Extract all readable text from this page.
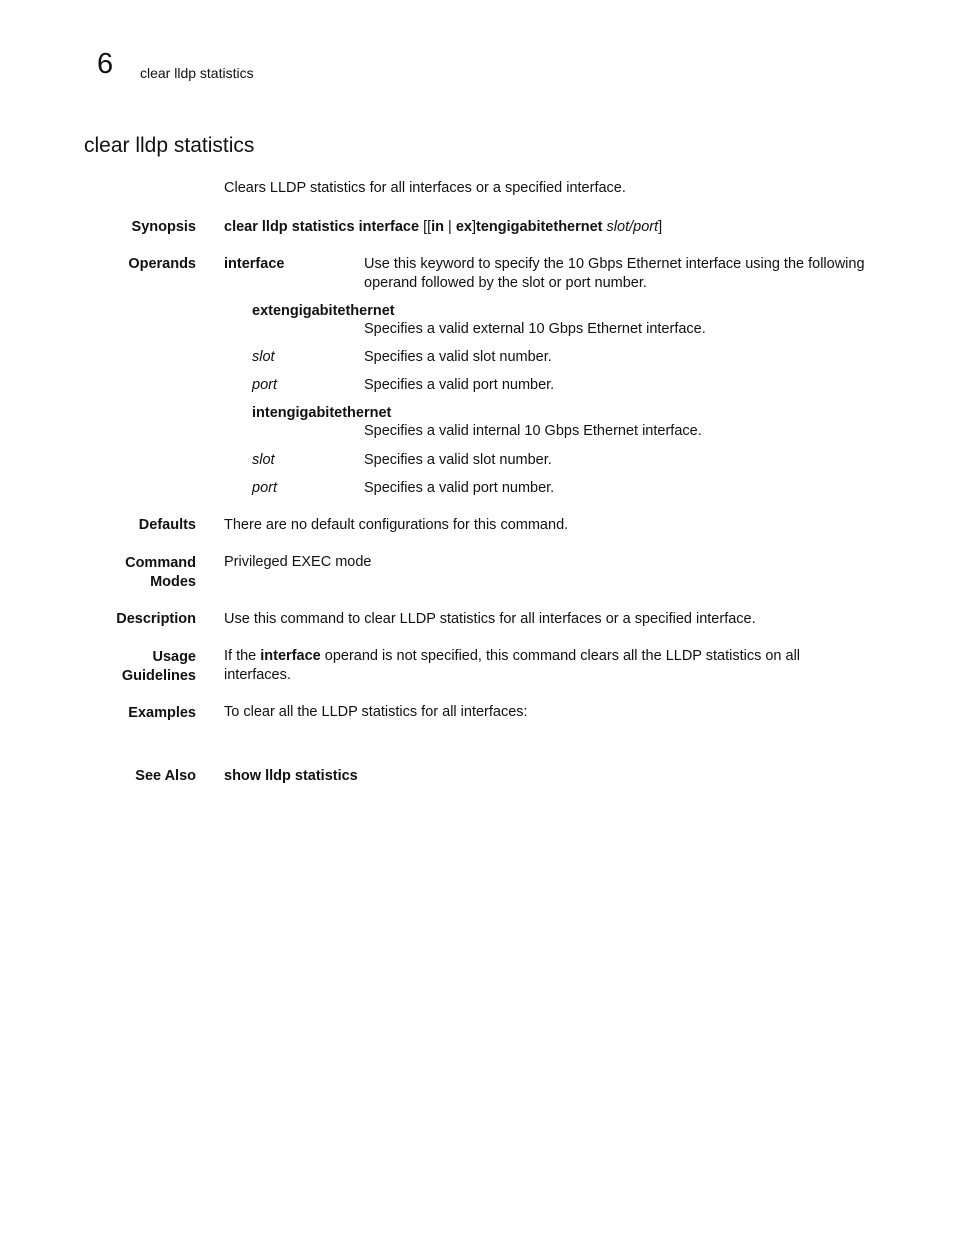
6 clear lldp statistics
clear lldp statistics
Clears LLDP statistics for all interfaces or a specified interface.
Synopsis clear lldp statistics interface [[in | ex]tengigabitethernet slot/port]
Operands interface	Use this keyword to specify the 10 Gbps Ethernet interface using the following operand followed by the slot or port number.
extengigabitethernet
Specifies a valid external 10 Gbps Ethernet interface.
slot	Specifies a valid slot number.
port	Specifies a valid port number.
intengigabitethernet
Specifies a valid internal 10 Gbps Ethernet interface.
slot	Specifies a valid slot number.
port	Specifies a valid port number.
Defaults There are no default configurations for this command.
Command
Modes
Privileged EXEC mode
Description Use this command to clear LLDP statistics for all interfaces or a specified interface.
Usage
Guidelines
If the interface operand is not specified, this command clears all the LLDP statistics on all interfaces.
Examples To clear all the LLDP statistics for all interfaces:
See Also show lldp statistics
